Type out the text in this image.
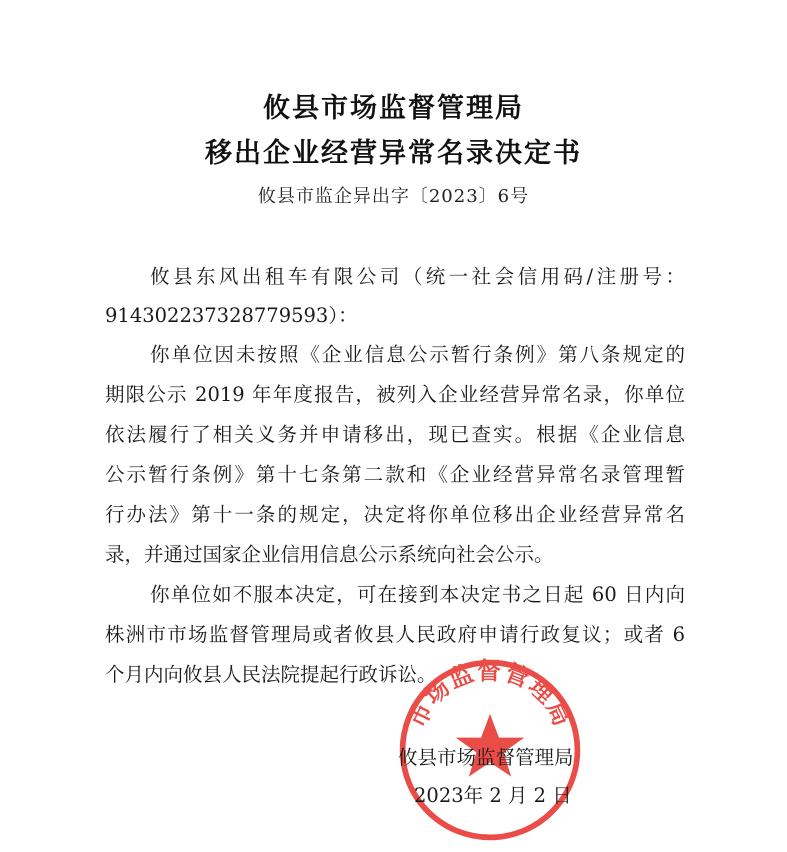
攸县市场监督管理局
移出企业经营异常名录决定书
攸县市监企异出字〔2023〕6号
攸县东风出租车有限公司（统一社会信用码/注册号：
914302237328779593）：
你单位因未按照《企业信息公示暂行条例》第八条规定的
期限公示 2019 年年度报告，被列入企业经营异常名录，你单位
依法履行了相关义务并申请移出，现已查实。根据《企业信息
公示暂行条例》第十七条第二款和《企业经营异常名录管理暂
行办法》第十一条的规定，决定将你单位移出企业经营异常名
录，并通过国家企业信用信息公示系统向社会公示。
你单位如不服本决定，可在接到本决定书之日起 60 日内向
株洲市市场监督管理局或者攸县人民政府申请行政复议；或者 6
个月内向攸县人民法院提起行政诉讼。
市场监督管理局
攸县市场监督管理局
2023年 2 月 2 日
